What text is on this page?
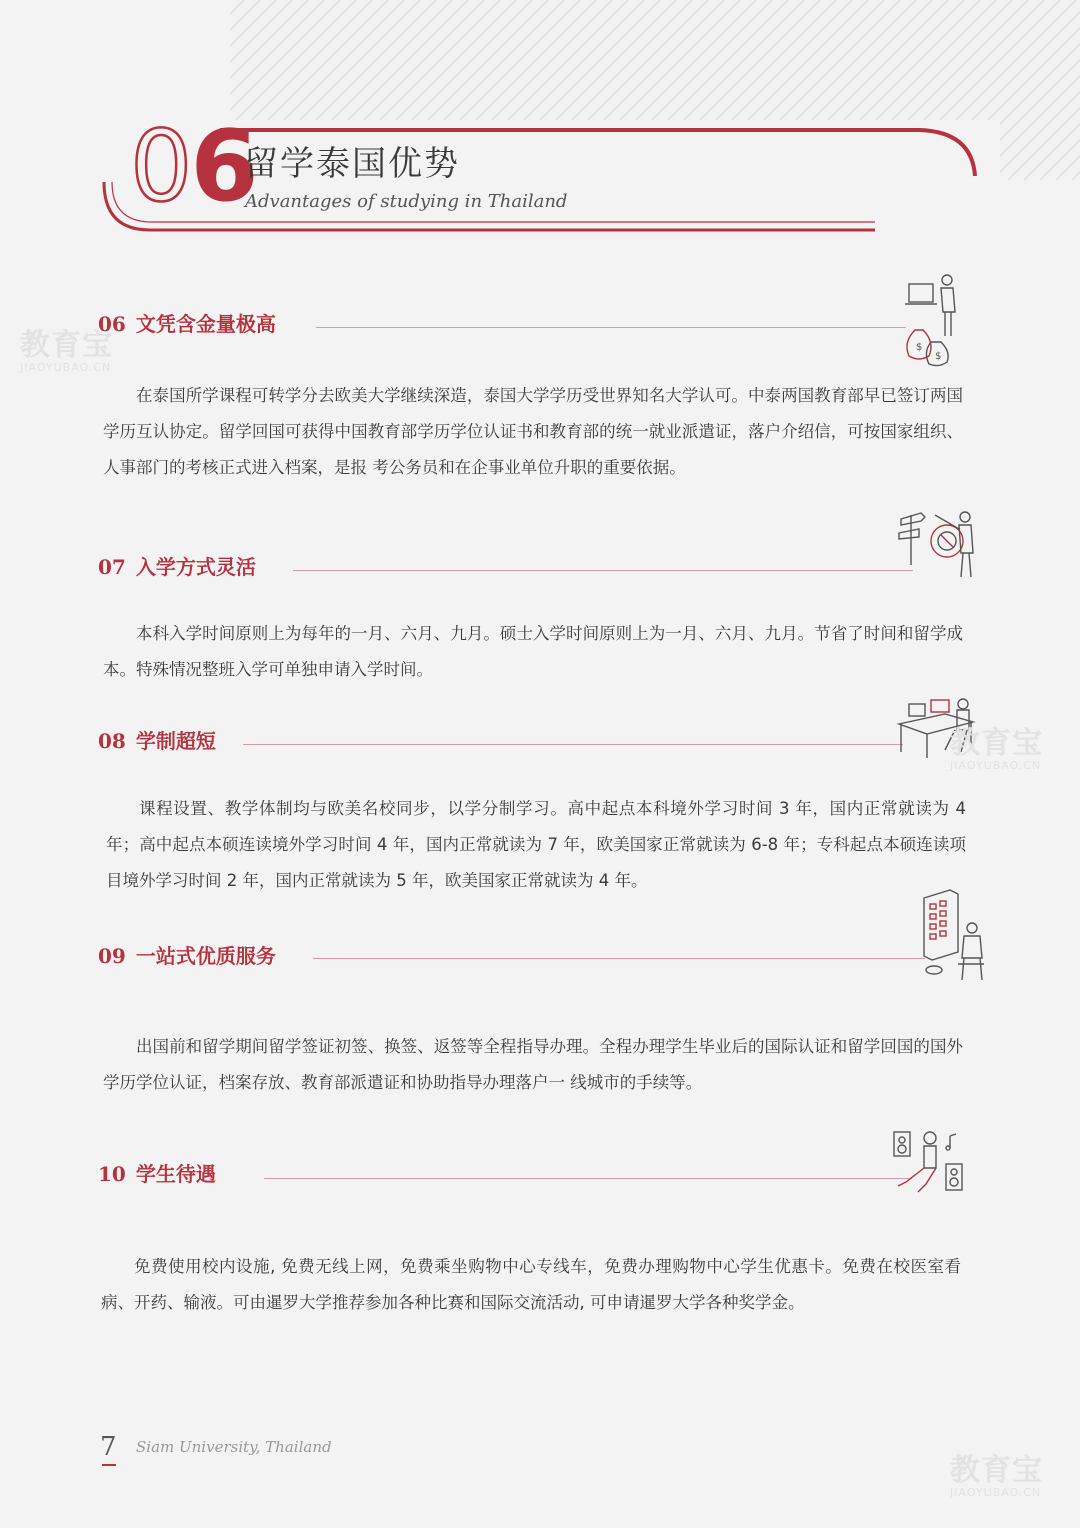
06
留学泰国优势
Advantages of studying in Thailand
06 文凭含金量极高
$
$
在泰国所学课程可转学分去欧美大学继续深造，泰国大学学历受世界知名大学认可。中泰两国教育部早已签订两国学历互认协定。留学回国可获得中国教育部学历学位认证书和教育部的统一就业派遣证，落户介绍信，可按国家组织、人事部门的考核正式进入档案，是报 考公务员和在企事业单位升职的重要依据。
07 入学方式灵活
本科入学时间原则上为每年的一月、六月、九月。硕士入学时间原则上为一月、六月、九月。节省了时间和留学成本。特殊情况整班入学可单独申请入学时间。
08 学制超短
课程设置、教学体制均与欧美名校同步，以学分制学习。高中起点本科境外学习时间 3 年，国内正常就读为 4 年；高中起点本硕连读境外学习时间 4 年，国内正常就读为 7 年，欧美国家正常就读为 6-8 年；专科起点本硕连读项目境外学习时间 2 年，国内正常就读为 5 年，欧美国家正常就读为 4 年。
09 一站式优质服务
出国前和留学期间留学签证初签、换签、返签等全程指导办理。全程办理学生毕业后的国际认证和留学回国的国外学历学位认证，档案存放、教育部派遣证和协助指导办理落户一 线城市的手续等。
10 学生待遇
免费使用校内设施, 免费无线上网，免费乘坐购物中心专线车，免费办理购物中心学生优惠卡。免费在校医室看病、开药、输液。可由暹罗大学推荐参加各种比赛和国际交流活动, 可申请暹罗大学各种奖学金。
教育宝
JIAOYUBAO.CN
教育宝
JIAOYUBAO.CN
教育宝
JIAOYUBAO.CN
7 Siam University, Thailand
